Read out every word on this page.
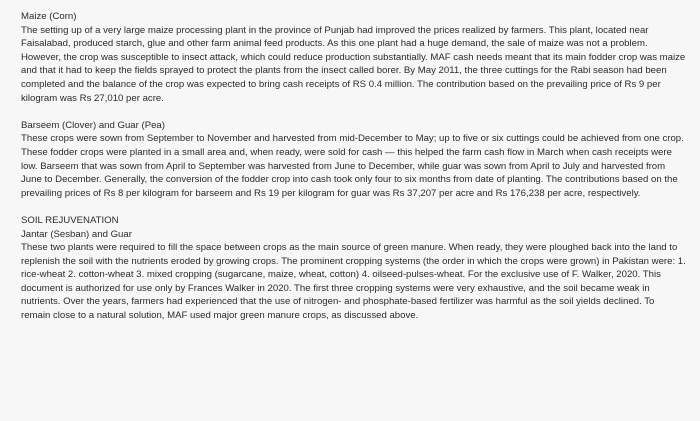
Maize (Corn)

The setting up of a very large maize processing plant in the province of Punjab had improved the prices realized by farmers. This plant, located near Faisalabad, produced starch, glue and other farm animal feed products. As this one plant had a huge demand, the sale of maize was not a problem. However, the crop was susceptible to insect attack, which could reduce production substantially. MAF cash needs meant that its main fodder crop was maize and that it had to keep the fields sprayed to protect the plants from the insect called borer. By May 2011, the three cuttings for the Rabi season had been completed and the balance of the crop was expected to bring cash receipts of RS 0.4 million. The contribution based on the prevailing price of Rs 9 per kilogram was Rs 27,010 per acre.

Barseem (Clover) and Guar (Pea)

These crops were sown from September to November and harvested from mid-December to May; up to five or six cuttings could be achieved from one crop. These fodder crops were planted in a small area and, when ready, were sold for cash — this helped the farm cash flow in March when cash receipts were low. Barseem that was sown from April to September was harvested from June to December, while guar was sown from April to July and harvested from June to December. Generally, the conversion of the fodder crop into cash took only four to six months from date of planting. The contributions based on the prevailing prices of Rs 8 per kilogram for barseem and Rs 19 per kilogram for guar was Rs 37,207 per acre and Rs 176,238 per acre, respectively.

SOIL REJUVENATION
Jantar (Sesban) and Guar

These two plants were required to fill the space between crops as the main source of green manure. When ready, they were ploughed back into the land to replenish the soil with the nutrients eroded by growing crops. The prominent cropping systems (the order in which the crops were grown) in Pakistan were: 1. rice-wheat 2. cotton-wheat 3. mixed cropping (sugarcane, maize, wheat, cotton) 4. oilseed-pulses-wheat. For the exclusive use of F. Walker, 2020. This document is authorized for use only by Frances Walker in 2020. The first three cropping systems were very exhaustive, and the soil became weak in nutrients. Over the years, farmers had experienced that the use of nitrogen- and phosphate-based fertilizer was harmful as the soil yields declined. To remain close to a natural solution, MAF used major green manure crops, as discussed above.
